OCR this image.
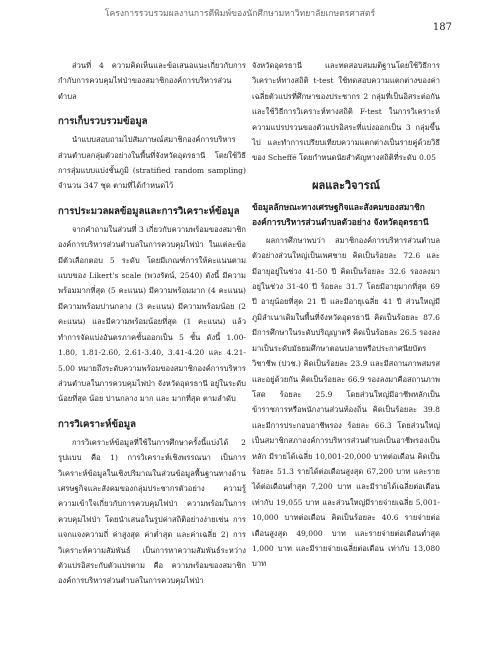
โครงการรวบรวมผลงานการตีพิมพ์ของนักศึกษามหาวิทยาลัยเกษตรศาสตร์
187

ส่วนที่ 4 ความคิดเห็นและข้อเสนอแนะเกี่ยวกับการกำกับการควบคุมไฟป่าของสมาชิกองค์การบริหารส่วนตำบล

การเก็บรวบรวมข้อมูล

นำแบบสอบถามไปสัมภาษณ์สมาชิกองค์การบริหารส่วนตำบลกลุ่มตัวอย่างในพื้นที่จังหวัดอุดรธานี โดยใช้วิธีการสุ่มแบบแบ่งชั้นภูมิ (stratified random sampling) จำนวน 347 ชุด ตามที่ได้กำหนดไว้

การประมวลผลข้อมูลและการวิเคราะห์ข้อมูล

จากคำถามในส่วนที่ 3 เกี่ยวกับความพร้อมของสมาชิกองค์การบริหารส่วนตำบลในการควบคุมไฟป่า ในแต่ละข้อมีตัวเลือกตอบ 5 ระดับ โดยมีเกณฑ์การให้คะแนนตามแบบของ Likert's scale (พวงรัตน์, 2540) ดังนี้ มีความพร้อมมากที่สุด (5 คะแนน) มีความพร้อมมาก (4 คะแนน) มีความพร้อมปานกลาง (3 คะแนน) มีความพร้อมน้อย (2 คะแนน) และมีความพร้อมน้อยที่สุด (1 คะแนน) แล้วทำการจัดแบ่งอันตรภาคชั้นออกเป็น 5 ชั้น ดังนี้ 1.00-1.80, 1.81-2.60, 2.61-3.40, 3.41-4.20 และ 4.21-5.00 หมายถึงระดับความพร้อมของสมาชิกองค์การบริหารส่วนตำบลในการควบคุมไฟป่า จังหวัดอุดรธานี อยู่ในระดับน้อยที่สุด น้อย ปานกลาง มาก และ มากที่สุด ตามลำดับ

การวิเคราะห์ข้อมูล

การวิเคราะห์ข้อมูลที่ใช้ในการศึกษาครั้งนี้แบ่งได้ 2 รูปแบบ คือ 1) การวิเคราะห์เชิงพรรณนา เป็นการวิเคราะห์ข้อมูลในเชิงปริมาณในส่วนข้อมูลพื้นฐานทางด้านเศรษฐกิจและสังคมของกลุ่มประชากรตัวอย่าง ความรู้ความเข้าใจเกี่ยวกับการควบคุมไฟป่า ความพร้อมในการควบคุมไฟป่า โดยนำเสนอในรูปค่าสถิติอย่างง่ายเช่น การแจกแจงความถี่ ค่าสูงสุด ค่าต่ำสุด และค่าเฉลี่ย 2) การวิเคราะห์ความสัมพันธ์ เป็นการหาความสัมพันธ์ระหว่างตัวแปรอิสระกับตัวแปรตาม คือ ความพร้อมของสมาชิกองค์การบริหารส่วนตำบลในการควบคุมไฟป่า

จังหวัดอุดรธานี และทดสอบสมมติฐานโดยใช้วิธีการวิเคราะห์ทางสถิติ t-test ใช้ทดสอบความแตกต่างของค่าเฉลี่ยตัวแปรที่ศึกษาของประชากร 2 กลุ่มที่เป็นอิสระต่อกัน และใช้วิธีการวิเคราะห์ทางสถิติ F-test ในการวิเคราะห์ความแปรปรวนของตัวแปรอิสระที่แบ่งออกเป็น 3 กลุ่มขึ้นไป และทำการเปรียบเทียบความแตกต่างเป็นรายคู่ด้วยวิธีของ Scheffé โดยกำหนดนัยสำคัญทางสถิติที่ระดับ 0.05

ผลและวิจารณ์
ข้อมูลลักษณะทางเศรษฐกิจและสังคมของสมาชิกองค์การบริหารส่วนตำบลตัวอย่าง จังหวัดอุดรธานี

ผลการศึกษาพบว่า สมาชิกองค์การบริหารส่วนตำบลตัวอย่างส่วนใหญ่เป็นเพศชาย คิดเป็นร้อยละ 72.6 และมีอายุอยู่ในช่วง 41-50 ปี คิดเป็นร้อยละ 32.6 รองลงมาอยู่ในช่วง 31-40 ปี ร้อยละ 31.7 โดยมีอายุมากที่สุด 69 ปี อายุน้อยที่สุด 21 ปี และมีอายุเฉลี่ย 41 ปี ส่วนใหญ่มีภูมิลำเนาเดิมในพื้นที่จังหวัดอุดรธานี คิดเป็นร้อยละ 87.6 มีการศึกษาในระดับปริญญาตรี คิดเป็นร้อยละ 26.5 รองลงมาเป็นระดับมัธยมศึกษาตอนปลายหรือประกาศนียบัตรวิชาชีพ (ปวช.) คิดเป็นร้อยละ 23.9 และมีสถานภาพสมรสและอยู่ด้วยกัน คิดเป็นร้อยละ 66.9 รองลงมาคือสถานภาพโสด ร้อยละ 25.9 โดยส่วนใหญ่มีอาชีพหลักเป็นข้าราชการหรือพนักงานส่วนท้องถิ่น คิดเป็นร้อยละ 39.8 และมีการประกอบอาชีพรอง ร้อยละ 66.3 โดยส่วนใหญ่เป็นสมาชิกสภาองค์การบริหารส่วนตำบลเป็นอาชีพรองเป็นหลัก มีรายได้เฉลี่ย 10,001-20,000 บาทต่อเดือน คิดเป็นร้อยละ 51.3 รายได้ต่อเดือนสูงสุด 67,200 บาท และรายได้ต่อเดือนต่ำสุด 7,200 บาท และมีรายได้เฉลี่ยต่อเดือน เท่ากับ 19,055 บาท และส่วนใหญ่มีรายจ่ายเฉลี่ย 5,001-10,000 บาทต่อเดือน คิดเป็นร้อยละ 40.6 รายจ่ายต่อเดือนสูงสุด 49,000 บาท และรายจ่ายต่อเดือนต่ำสุด 1,000 บาท และมีรายจ่ายเฉลี่ยต่อเดือน เท่ากับ 13,080 บาท
